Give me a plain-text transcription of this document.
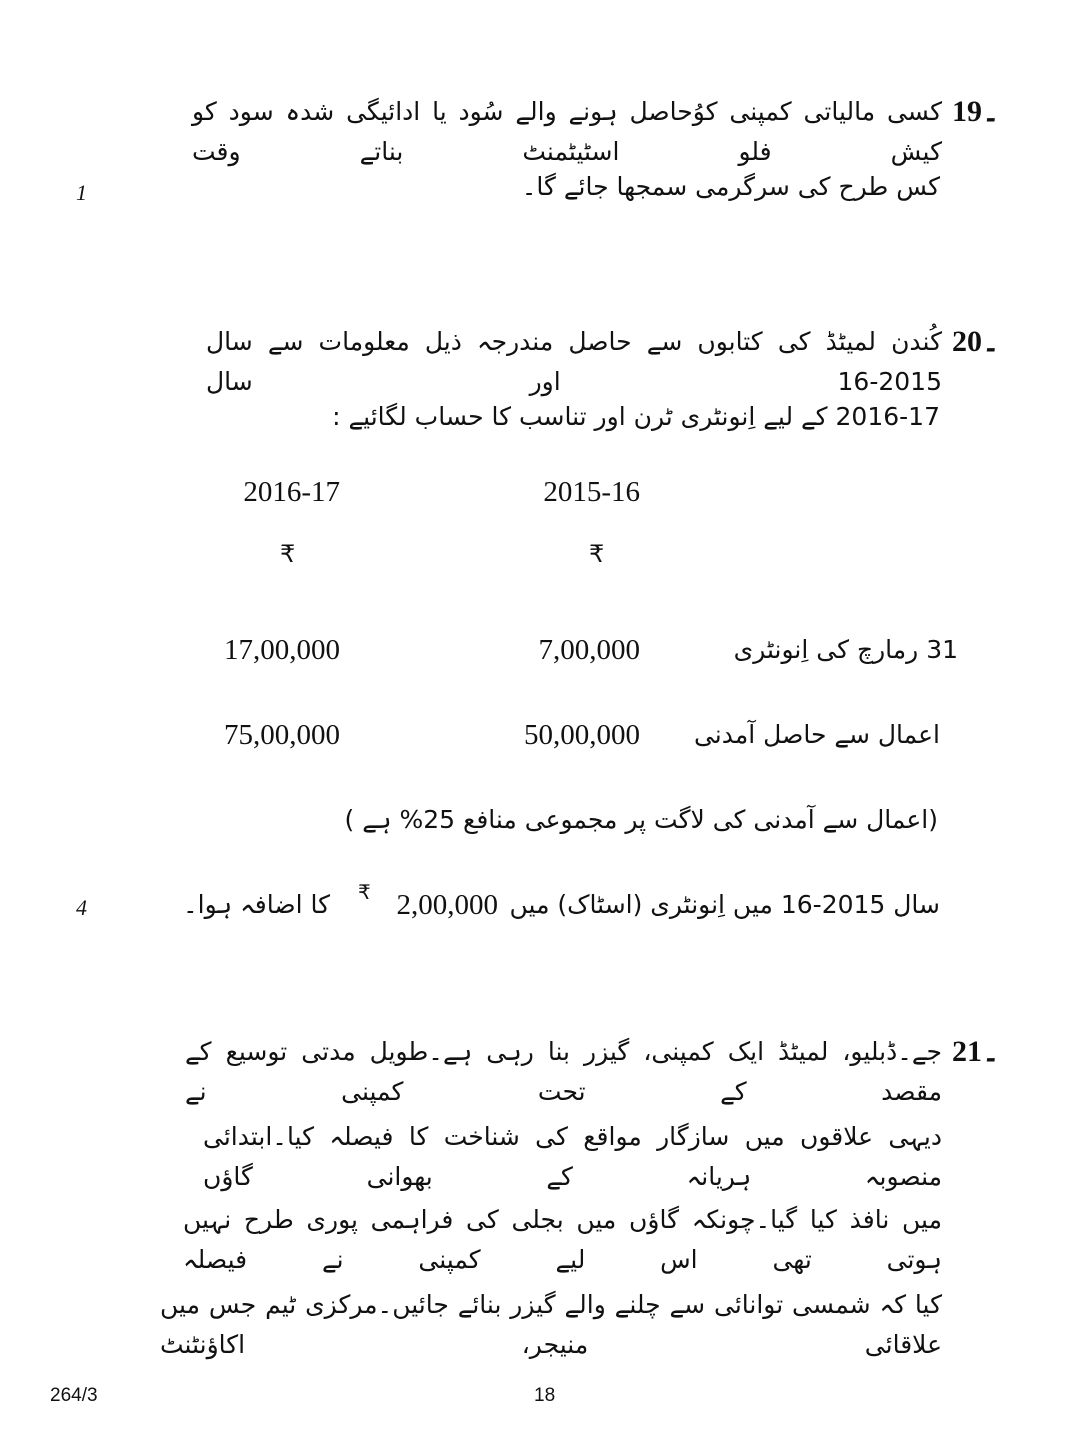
19۔
کسی مالیاتی کمپنی کوُحاصل ہونے والے سُود یا ادائیگی شدہ سود کو کیش فلو اسٹیٹمنٹ بناتے وقت
کس طرح کی سرگرمی سمجھا جائے گا۔
1
20۔
کُندن لمیٹڈ کی کتابوں سے حاصل مندرجہ ذیل معلومات سے سال 2015-16 اور سال
2016-17 کے لیے اِنونٹری ٹرن اور تناسب کا حساب لگائیے :
2016-17	2015-16
₹	₹
17,00,000	7,00,000	31 رمارچ کی اِنونٹری
75,00,000	50,00,000 اعمال سے حاصل آمدنی
(اعمال سے آمدنی کی لاگت پر مجموعی منافع 25% ہے )
سال 2015-16 میں اِنونٹری (اسٹاک) میں
₹ 2,00,000
کا اضافہ ہوا۔
4
21۔
جے۔ڈبلیو، لمیٹڈ ایک کمپنی، گیزر بنا رہی ہے۔طویل مدتی توسیع کے مقصد کے تحت کمپنی نے
دیہی علاقوں میں سازگار مواقع کی شناخت کا فیصلہ کیا۔ابتدائی منصوبہ ہریانہ کے بھوانی گاؤں
میں نافذ کیا گیا۔چونکہ گاؤں میں بجلی کی فراہمی پوری طرح نہیں ہوتی تھی اس لیے کمپنی نے فیصلہ
کیا کہ شمسی توانائی سے چلنے والے گیزر بنائے جائیں۔مرکزی ٹیم جس میں علاقائی منیجر، اکاؤنٹنٹ
264/3	18
